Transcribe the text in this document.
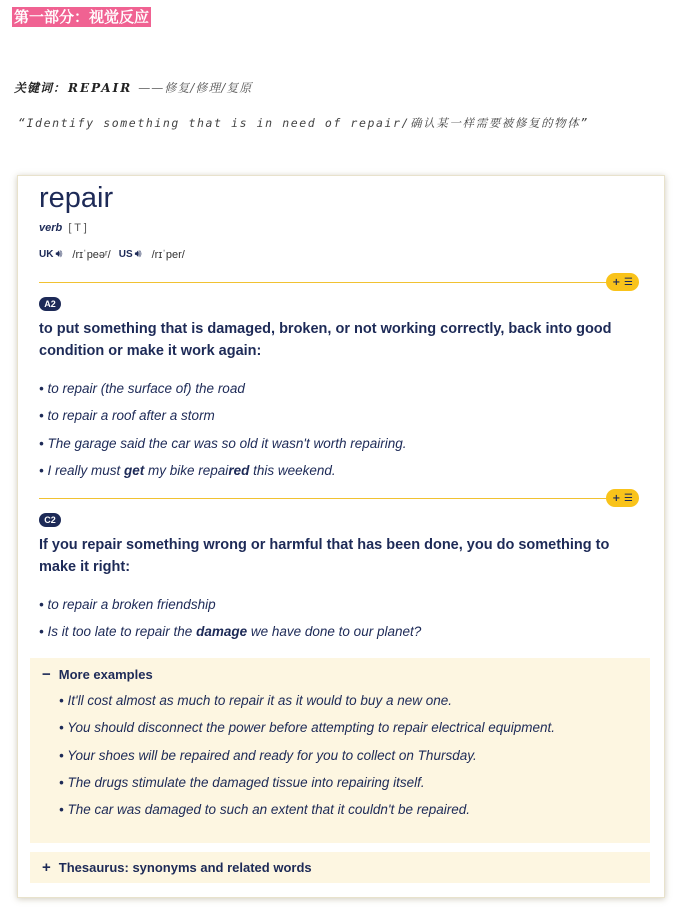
第一部分：视觉反应
关键词： REPAIR ——修复/修理/复原
“Identify something that is in need of repair/确认某一样需要被修复的物体”
repair
verb [ T ]
UK 🔊︎ /rɪˈpeəʳ/ US 🔊︎ /rɪˈper/
+ ☰
A2
to put something that is damaged, broken, or not working correctly, back into good condition or make it work again:
• to repair (the surface of) the road
• to repair a roof after a storm
• The garage said the car was so old it wasn't worth repairing.
• I really must get my bike repaired this weekend.
+ ☰
C2
If you repair something wrong or harmful that has been done, you do something to make it right:
• to repair a broken friendship
• Is it too late to repair the damage we have done to our planet?
− More examples
• It'll cost almost as much to repair it as it would to buy a new one.
• You should disconnect the power before attempting to repair electrical equipment.
• Your shoes will be repaired and ready for you to collect on Thursday.
• The drugs stimulate the damaged tissue into repairing itself.
• The car was damaged to such an extent that it couldn't be repaired.
+ Thesaurus: synonyms and related words
